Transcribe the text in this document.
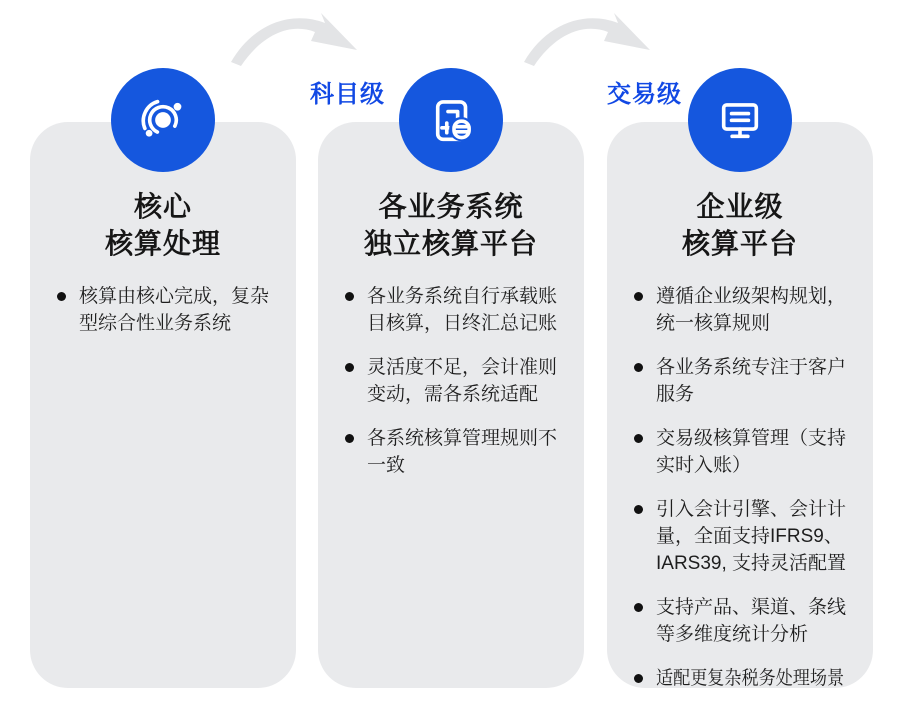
科目级	交易级
核心
核算处理
核算由核心完成，复杂型综合性业务系统
各业务系统
独立核算平台
各业务系统自行承载账目核算，日终汇总记账
灵活度不足，会计准则变动，需各系统适配
各系统核算管理规则不一致
企业级
核算平台
遵循企业级架构规划，统一核算规则
各业务系统专注于客户服务
交易级核算管理（支持实时入账）
引入会计引擎、会计计量，全面支持IFRS9、IARS39, 支持灵活配置
支持产品、渠道、条线等多维度统计分析
适配更复杂税务处理场景
